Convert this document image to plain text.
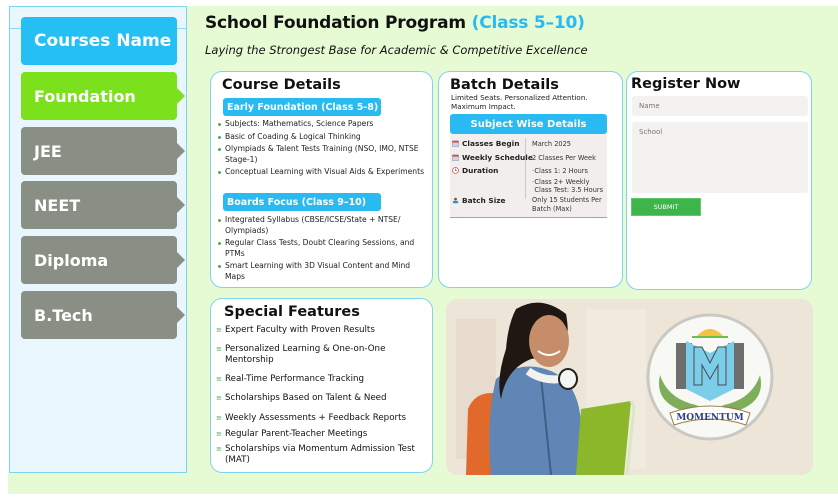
Courses Name
Foundation
JEE
NEET
Diploma
B.Tech
School Foundation Program (Class 5–10)
Laying the Strongest Base for Academic & Competitive Excellence
Course Details
Early Foundation (Class 5-8)
Subjects: Mathematics, Science Papers
Basic of Coading & Logical Thinking
Olympiads & Talent Tests Training (NSO, IMO, NTSE Stage-1)
Conceptual Learning with Visual Aids & Experiments
Boards Focus (Class 9–10)
Integrated Syllabus (CBSE/ICSE/State + NTSE/ Olympiads)
Regular Class Tests, Doubt Clearing Sessions, and PTMs
Smart Learning with 3D Visual Content and Mind Maps
Batch Details
Limited Seats. Personalized Attention. Maximum Impact.
Subject Wise Details
Classes Begin March 2025
Weekly Schedule 2 Classes Per Week
Duration	-Class 1: 2 Hours
- Class 2+ Weekly Class Test: 3.5 Hours
Batch Size	Only 15 Students Per Batch (Max)
Register Now
Name
School
SUBMIT
Special Features
≡ Expert Faculty with Proven Results
≡ Personalized Learning & One-on-One Mentorship
≡ Real-Time Performance Tracking
≡ Scholarships Based on Talent & Need
≡ Weekly Assessments + Feedback Reports
≡ Regular Parent-Teacher Meetings
≡ Scholarships via Momentum Admission Test (MAT)
MOMENTUM
